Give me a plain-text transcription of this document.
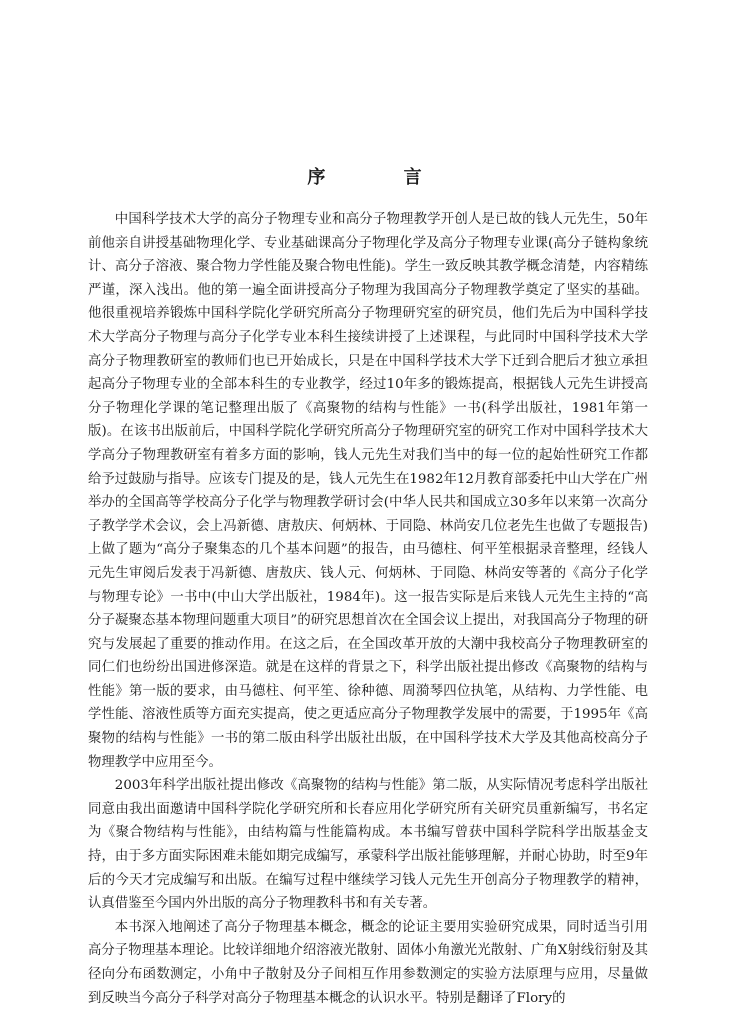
序 言

中国科学技术大学的高分子物理专业和高分子物理教学开创人是已故的钱人元先生，50年前他亲自讲授基础物理化学、专业基础课高分子物理化学及高分子物理专业课(高分子链构象统计、高分子溶液、聚合物力学性能及聚合物电性能)。学生一致反映其教学概念清楚，内容精练严谨，深入浅出。他的第一遍全面讲授高分子物理为我国高分子物理教学奠定了坚实的基础。他很重视培养锻炼中国科学院化学研究所高分子物理研究室的研究员，他们先后为中国科学技术大学高分子物理与高分子化学专业本科生接续讲授了上述课程，与此同时中国科学技术大学高分子物理教研室的教师们也已开始成长，只是在中国科学技术大学下迁到合肥后才独立承担起高分子物理专业的全部本科生的专业教学，经过10年多的锻炼提高，根据钱人元先生讲授高分子物理化学课的笔记整理出版了《高聚物的结构与性能》一书(科学出版社，1981年第一版)。在该书出版前后，中国科学院化学研究所高分子物理研究室的研究工作对中国科学技术大学高分子物理教研室有着多方面的影响，钱人元先生对我们当中的每一位的起始性研究工作都给予过鼓励与指导。应该专门提及的是，钱人元先生在1982年12月教育部委托中山大学在广州举办的全国高等学校高分子化学与物理教学研讨会(中华人民共和国成立30多年以来第一次高分子教学学术会议，会上冯新德、唐敖庆、何炳林、于同隐、林尚安几位老先生也做了专题报告)上做了题为“高分子聚集态的几个基本问题”的报告，由马德柱、何平笙根据录音整理，经钱人元先生审阅后发表于冯新德、唐敖庆、钱人元、何炳林、于同隐、林尚安等著的《高分子化学与物理专论》一书中(中山大学出版社，1984年)。这一报告实际是后来钱人元先生主持的“高分子凝聚态基本物理问题重大项目”的研究思想首次在全国会议上提出，对我国高分子物理的研究与发展起了重要的推动作用。在这之后，在全国改革开放的大潮中我校高分子物理教研室的同仁们也纷纷出国进修深造。就是在这样的背景之下，科学出版社提出修改《高聚物的结构与性能》第一版的要求，由马德柱、何平笙、徐种德、周漪琴四位执笔，从结构、力学性能、电学性能、溶液性质等方面充实提高，使之更适应高分子物理教学发展中的需要，于1995年《高聚物的结构与性能》一书的第二版由科学出版社出版，在中国科学技术大学及其他高校高分子物理教学中应用至今。

2003年科学出版社提出修改《高聚物的结构与性能》第二版，从实际情况考虑科学出版社同意由我出面邀请中国科学院化学研究所和长春应用化学研究所有关研究员重新编写，书名定为《聚合物结构与性能》，由结构篇与性能篇构成。本书编写曾获中国科学院科学出版基金支持，由于多方面实际困难未能如期完成编写，承蒙科学出版社能够理解，并耐心协助，时至9年后的今天才完成编写和出版。在编写过程中继续学习钱人元先生开创高分子物理教学的精神，认真借鉴至今国内外出版的高分子物理教科书和有关专著。

本书深入地阐述了高分子物理基本概念，概念的论证主要用实验研究成果，同时适当引用高分子物理基本理论。比较详细地介绍溶液光散射、固体小角激光光散射、广角X射线衍射及其径向分布函数测定，小角中子散射及分子间相互作用参数测定的实验方法原理与应用，尽量做到反映当今高分子科学对高分子物理基本概念的认识水平。特别是翻译了Flory的
